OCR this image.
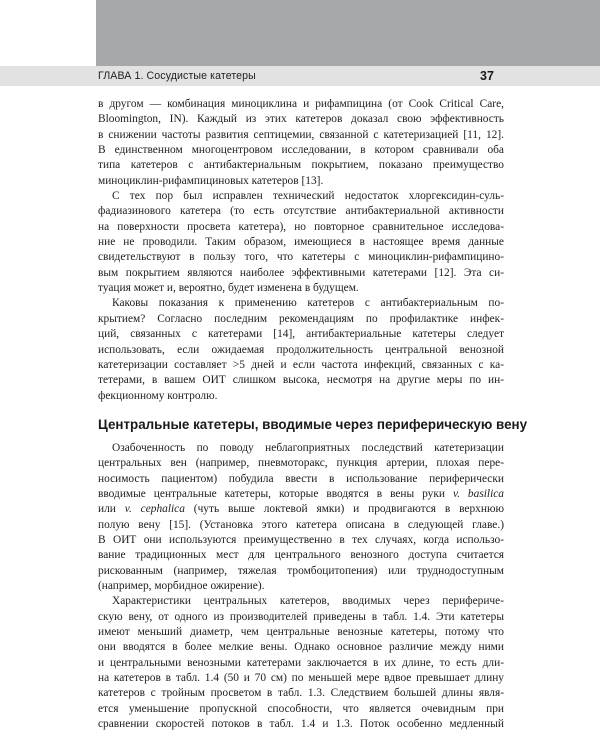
ГЛАВА 1. Сосудистые катетеры	37
в другом — комбинация миноциклина и рифампицина (от Cook Critical Care,
Bloomington, IN). Каждый из этих катетеров доказал свою эффективность
в снижении частоты развития септицемии, связанной с катетеризацией [11, 12].
В единственном многоцентровом исследовании, в котором сравнивали оба
типа катетеров с антибактериальным покрытием, показано преимущество
миноциклин-рифампициновых катетеров [13].
С тех пор был исправлен технический недостаток хлоргексидин-суль-
фадиазинового катетера (то есть отсутствие антибактериальной активности
на поверхности просвета катетера), но повторное сравнительное исследова-
ние не проводили. Таким образом, имеющиеся в настоящее время данные
свидетельствуют в пользу того, что катетеры с миноциклин-рифампицино-
вым покрытием являются наиболее эффективными катетерами [12]. Эта си-
туация может и, вероятно, будет изменена в будущем.
Каковы показания к применению катетеров с антибактериальным по-
крытием? Согласно последним рекомендациям по профилактике инфек-
ций, связанных с катетерами [14], антибактериальные катетеры следует
использовать, если ожидаемая продолжительность центральной венозной
катетеризации составляет >5 дней и если частота инфекций, связанных с ка-
тетерами, в вашем ОИТ слишком высока, несмотря на другие меры по ин-
фекционному контролю.
Центральные катетеры, вводимые через периферическую вену
Озабоченность по поводу неблагоприятных последствий катетеризации
центральных вен (например, пневмоторакс, пункция артерии, плохая пере-
носимость пациентом) побудила ввести в использование периферически
вводимые центральные катетеры, которые вводятся в вены руки v. basilica
или v. cephalica (чуть выше локтевой ямки) и продвигаются в верхнюю
полую вену [15]. (Установка этого катетера описана в следующей главе.)
В ОИТ они используются преимущественно в тех случаях, когда использо-
вание традиционных мест для центрального венозного доступа считается
рискованным (например, тяжелая тромбоцитопения) или труднодоступным
(например, морбидное ожирение).
Характеристики центральных катетеров, вводимых через перифериче-
скую вену, от одного из производителей приведены в табл. 1.4. Эти катетеры
имеют меньший диаметр, чем центральные венозные катетеры, потому что
они вводятся в более мелкие вены. Однако основное различие между ними
и центральными венозными катетерами заключается в их длине, то есть дли-
на катетеров в табл. 1.4 (50 и 70 см) по меньшей мере вдвое превышает длину
катетеров с тройным просветом в табл. 1.3. Следствием большей длины явля-
ется уменьшение пропускной способности, что является очевидным при
сравнении скоростей потоков в табл. 1.4 и 1.3. Поток особенно медленный
